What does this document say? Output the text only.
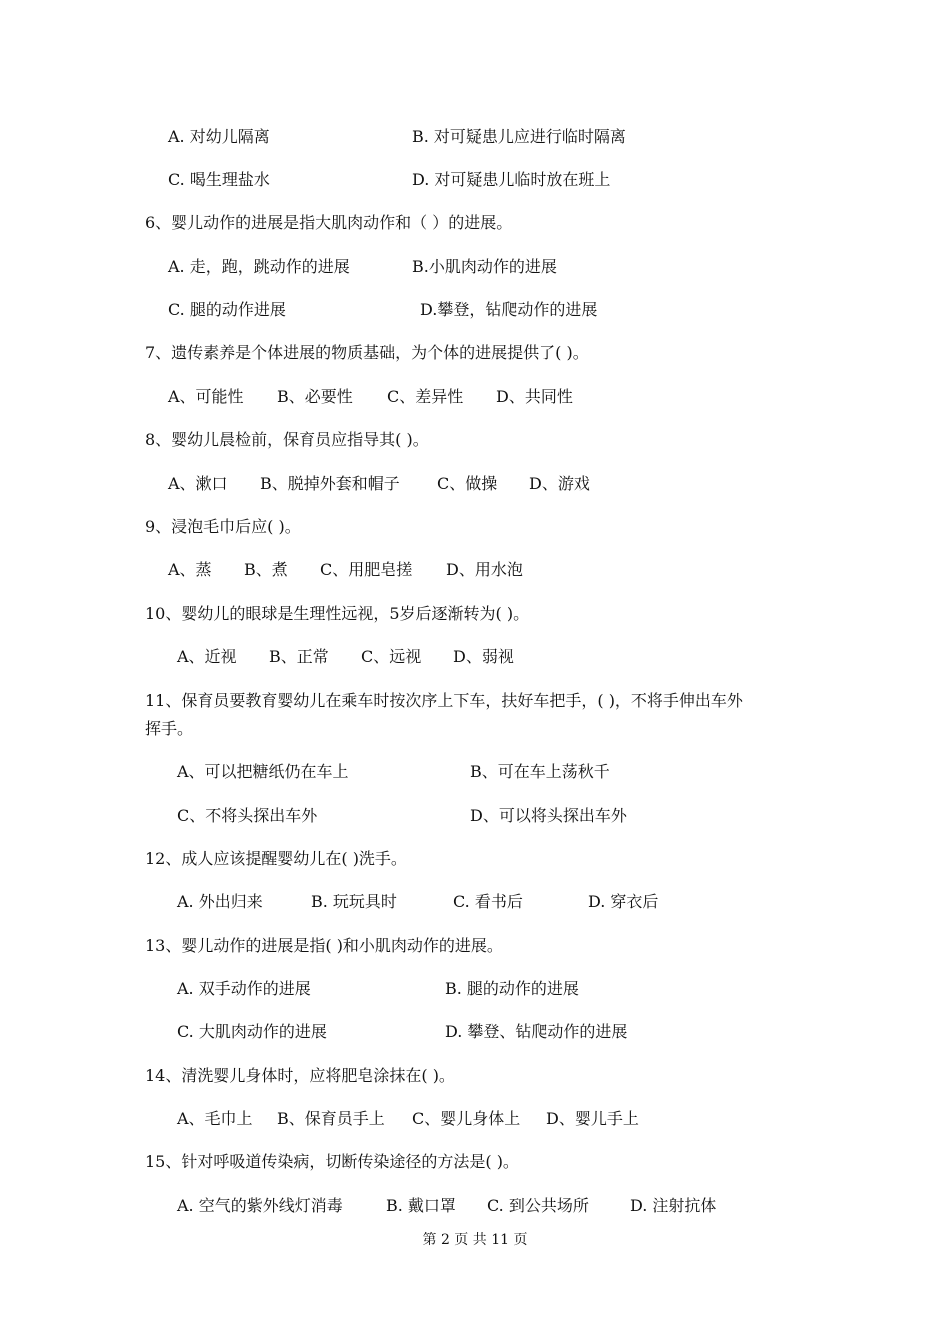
A. 对幼儿隔离	B. 对可疑患儿应进行临时隔离
C. 喝生理盐水	D. 对可疑患儿临时放在班上
6、婴儿动作的进展是指大肌肉动作和（ ）的进展。
A. 走，跑，跳动作的进展	B.小肌肉动作的进展
C. 腿的动作进展	D.攀登，钻爬动作的进展
7、遗传素养是个体进展的物质基础，为个体的进展提供了( )。
A、可能性 B、必要性 C、差异性 D、共同性
8、婴幼儿晨检前，保育员应指导其( )。
A、漱口 B、脱掉外套和帽子 C、做操 D、游戏
9、浸泡毛巾后应( )。
A、蒸 B、煮 C、用肥皂搓 D、用水泡
10、婴幼儿的眼球是生理性远视，5岁后逐渐转为( )。
A、近视 B、正常 C、远视 D、弱视
11、保育员要教育婴幼儿在乘车时按次序上下车，扶好车把手，( )，不将手伸出车外
挥手。
A、可以把糖纸仍在车上	B、可在车上荡秋千
C、不将头探出车外	D、可以将头探出车外
12、成人应该提醒婴幼儿在( )洗手。
A. 外出归来	B. 玩玩具时	C. 看书后	D. 穿衣后
13、婴儿动作的进展是指( )和小肌肉动作的进展。
A. 双手动作的进展	B. 腿的动作的进展
C. 大肌肉动作的进展	D. 攀登、钻爬动作的进展
14、清洗婴儿身体时，应将肥皂涂抹在( )。
A、毛巾上 B、保育员手上 C、婴儿身体上 D、婴儿手上
15、针对呼吸道传染病，切断传染途径的方法是( )。
A. 空气的紫外线灯消毒	B. 戴口罩 C. 到公共场所	D. 注射抗体
第 2 页 共 11 页
